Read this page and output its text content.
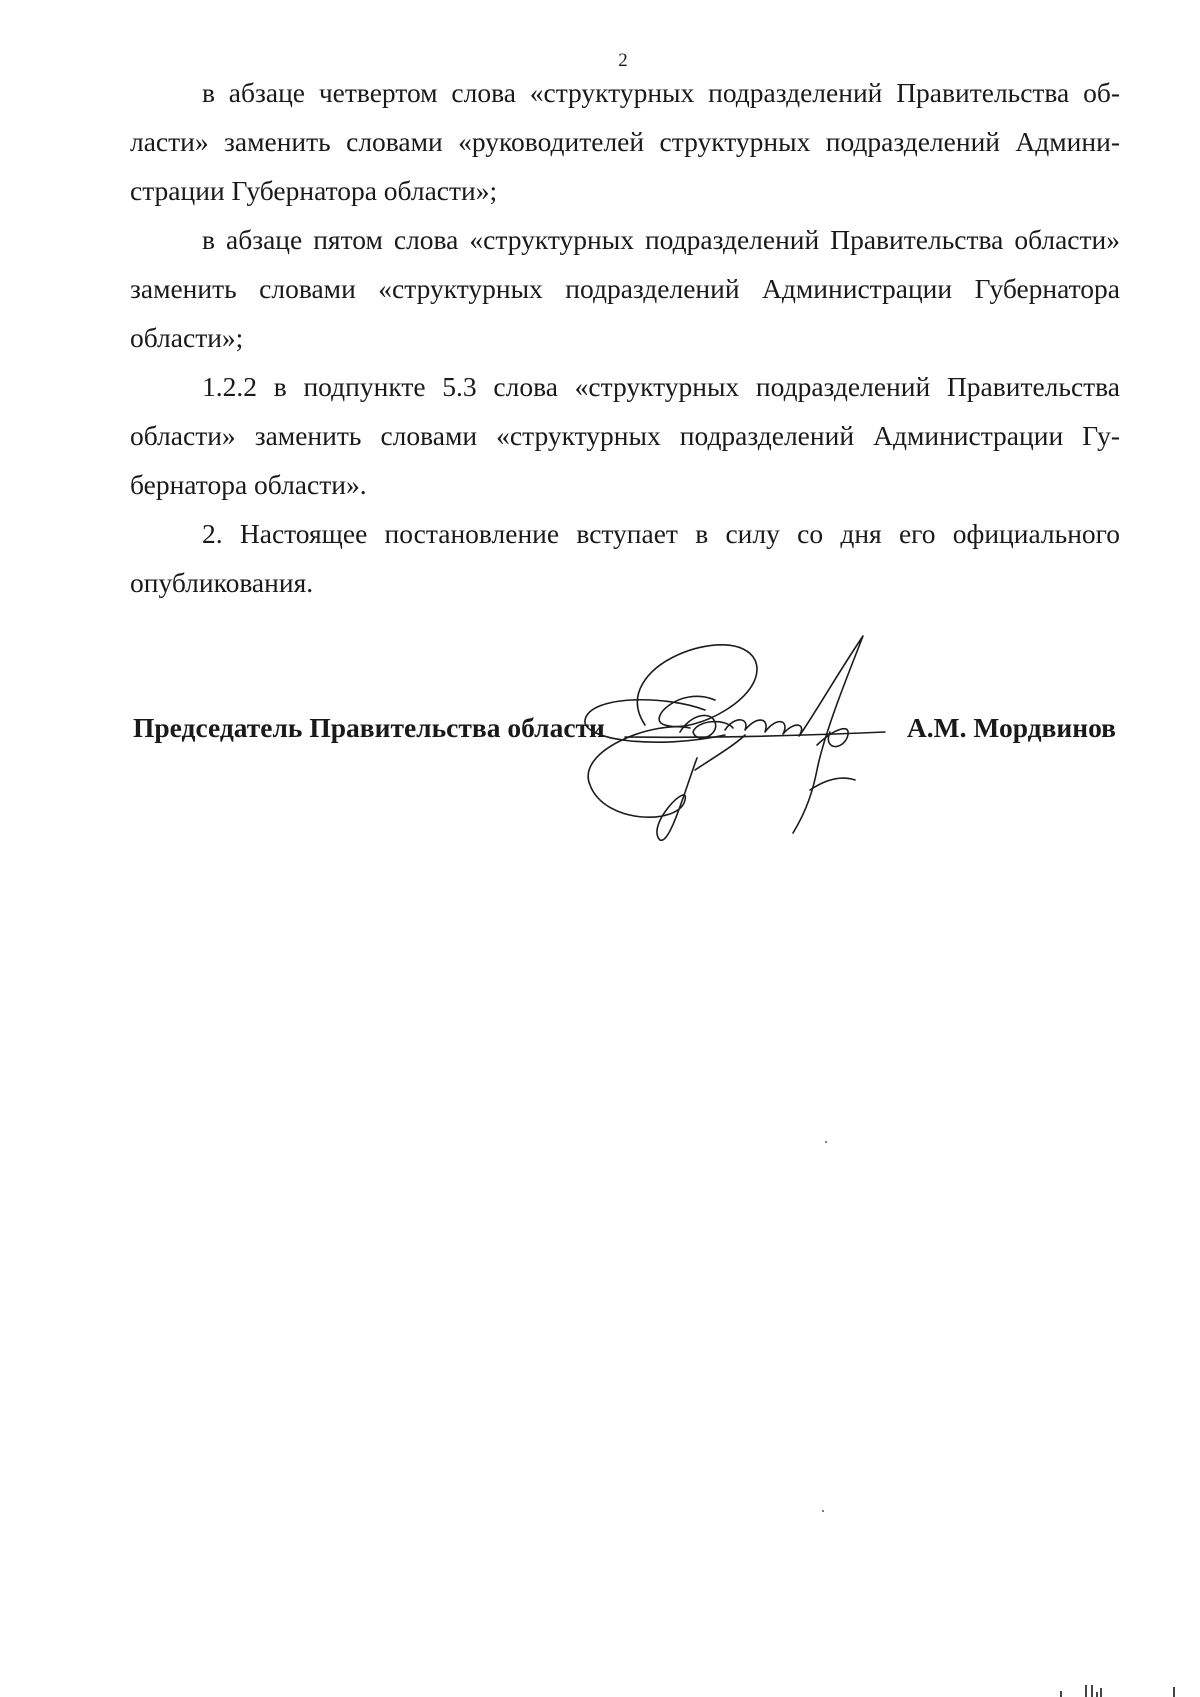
2

в абзаце четвертом слова «структурных подразделений Правительства области» заменить словами «руководителей структурных подразделений Администрации Губернатора области»;

в абзаце пятом слова «структурных подразделений Правительства области» заменить словами «структурных подразделений Администрации Губернатора области»;

1.2.2 в подпункте 5.3 слова «структурных подразделений Правительства области» заменить словами «структурных подразделений Администрации Губернатора области».

2. Настоящее постановление вступает в силу со дня его официального опубликования.

Председатель Правительства области	А.М. Мордвинов
